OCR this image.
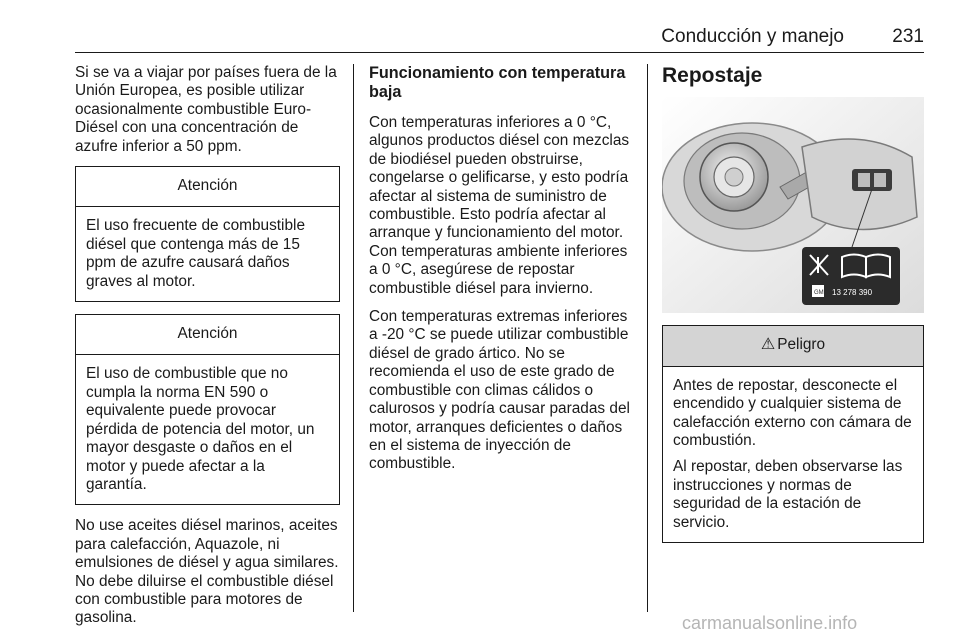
Conducción y manejo	231

Si se va a viajar por países fuera de la Unión Europea, es posible utilizar ocasionalmente combustible Euro-Diésel con una concentración de azufre inferior a 50 ppm.

Atención

El uso frecuente de combustible diésel que contenga más de 15 ppm de azufre causará daños graves al motor.

Atención

El uso de combustible que no cumpla la norma EN 590 o equivalente puede provocar pérdida de potencia del motor, un mayor desgaste o daños en el motor y puede afectar a la garantía.

No use aceites diésel marinos, aceites para calefacción, Aquazole, ni emulsiones de diésel y agua similares. No debe diluirse el combustible diésel con combustible para motores de gasolina.

Funcionamiento con temperatura baja

Con temperaturas inferiores a 0 °C, algunos productos diésel con mezclas de biodiésel pueden obstruirse, congelarse o gelificarse, y esto podría afectar al sistema de suministro de combustible. Esto podría afectar al arranque y funcionamiento del motor. Con temperaturas ambiente inferiores a 0 °C, asegúrese de repostar combustible diésel para invierno.

Con temperaturas extremas inferiores a -20 °C se puede utilizar combustible diésel de grado ártico. No se recomienda el uso de este grado de combustible con climas cálidos o calurosos y podría causar paradas del motor, arranques deficientes o daños en el sistema de inyección de combustible.

Repostaje
GM 13 278 390
⚠ Peligro

Antes de repostar, desconecte el encendido y cualquier sistema de calefacción externo con cámara de combustión.

Al repostar, deben observarse las instrucciones y normas de seguridad de la estación de servicio.

carmanualsonline.info
